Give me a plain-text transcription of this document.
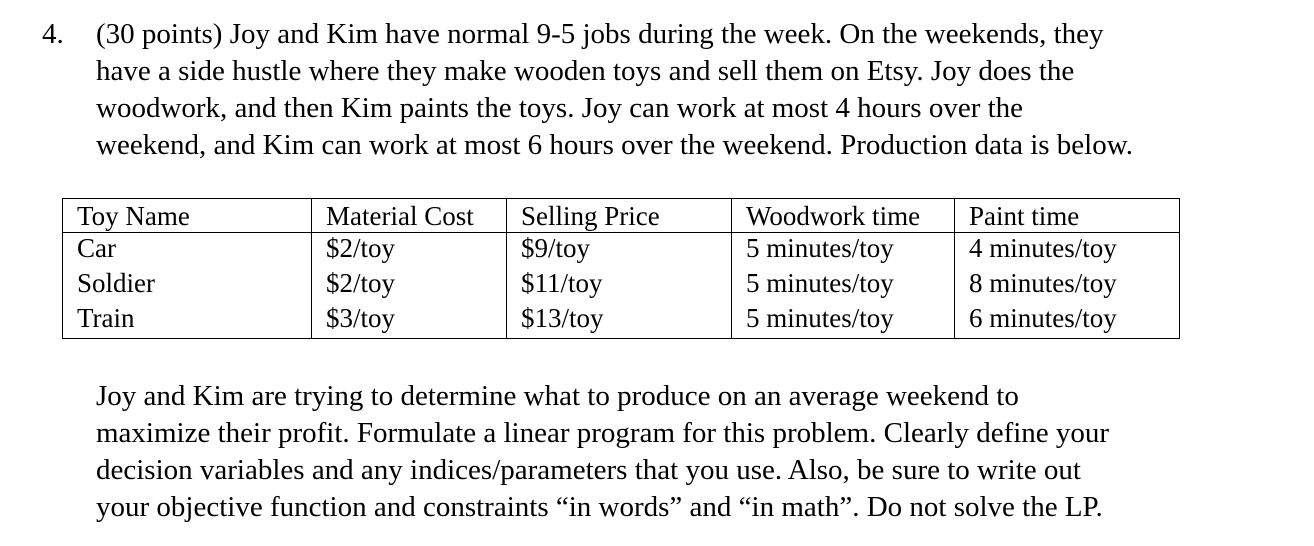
4. (30 points) Joy and Kim have normal 9-5 jobs during the week. On the weekends, they
have a side hustle where they make wooden toys and sell them on Etsy. Joy does the
woodwork, and then Kim paints the toys. Joy can work at most 4 hours over the
weekend, and Kim can work at most 6 hours over the weekend. Production data is below.
Toy Name	Material Cost	Selling Price	Woodwork time	Paint time
Car	$2/toy	$9/toy	5 minutes/toy	4 minutes/toy
Soldier	$2/toy	$11/toy	5 minutes/toy	8 minutes/toy
Train	$3/toy	$13/toy	5 minutes/toy	6 minutes/toy
Joy and Kim are trying to determine what to produce on an average weekend to
maximize their profit. Formulate a linear program for this problem. Clearly define your
decision variables and any indices/parameters that you use. Also, be sure to write out
your objective function and constraints “in words” and “in math”. Do not solve the LP.
